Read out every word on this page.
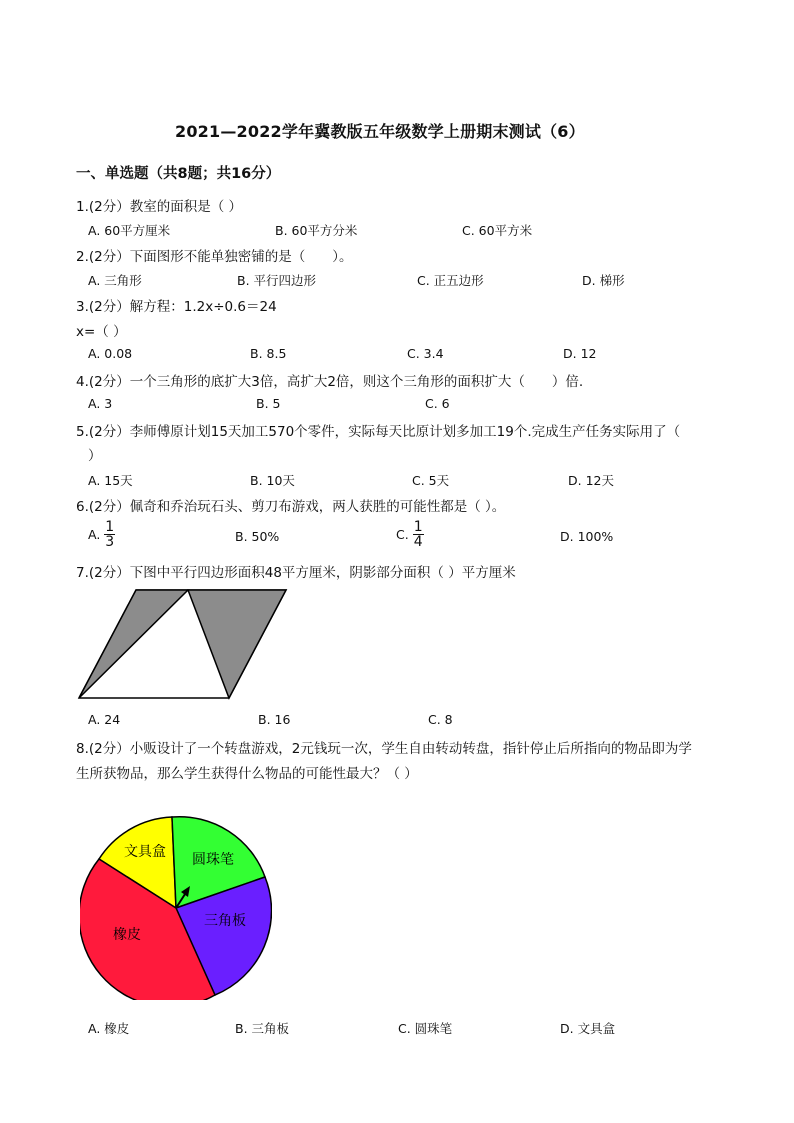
2021—2022学年冀教版五年级数学上册期末测试（6）
一、单选题（共8题；共16分）
1.(2分）教室的面积是（ ）
A. 60平方厘米	B. 60平方分米	C. 60平方米
2.(2分）下面图形不能单独密铺的是（　　）。
A. 三角形	B. 平行四边形	C. 正五边形	D. 梯形
3.(2分）解方程：1.2x÷0.6＝24
x=（ ）
A. 0.08	B. 8.5	C. 3.4	D. 12
4.(2分）一个三角形的底扩大3倍，高扩大2倍，则这个三角形的面积扩大（　　）倍.
A. 3	B. 5	C. 6
5.(2分）李师傅原计划15天加工570个零件，实际每天比原计划多加工19个.完成生产任务实际用了（
）
A. 15天	B. 10天	C. 5天	D. 12天
6.(2分）佩奇和乔治玩石头、剪刀布游戏，两人获胜的可能性都是（ ）。
A. $\frac{1}{3}$	B. 50%	C. $\frac{1}{4}$	D. 100%
7.(2分）下图中平行四边形面积48平方厘米，阴影部分面积（ ）平方厘米
A. 24	B. 16	C. 8
8.(2分）小贩设计了一个转盘游戏，2元钱玩一次，学生自由转动转盘，指针停止后所指向的物品即为学
生所获物品，那么学生获得什么物品的可能性最大？（ ）
文具盒 圆珠笔
三角板
橡皮
A. 橡皮	B. 三角板	C. 圆珠笔	D. 文具盒
